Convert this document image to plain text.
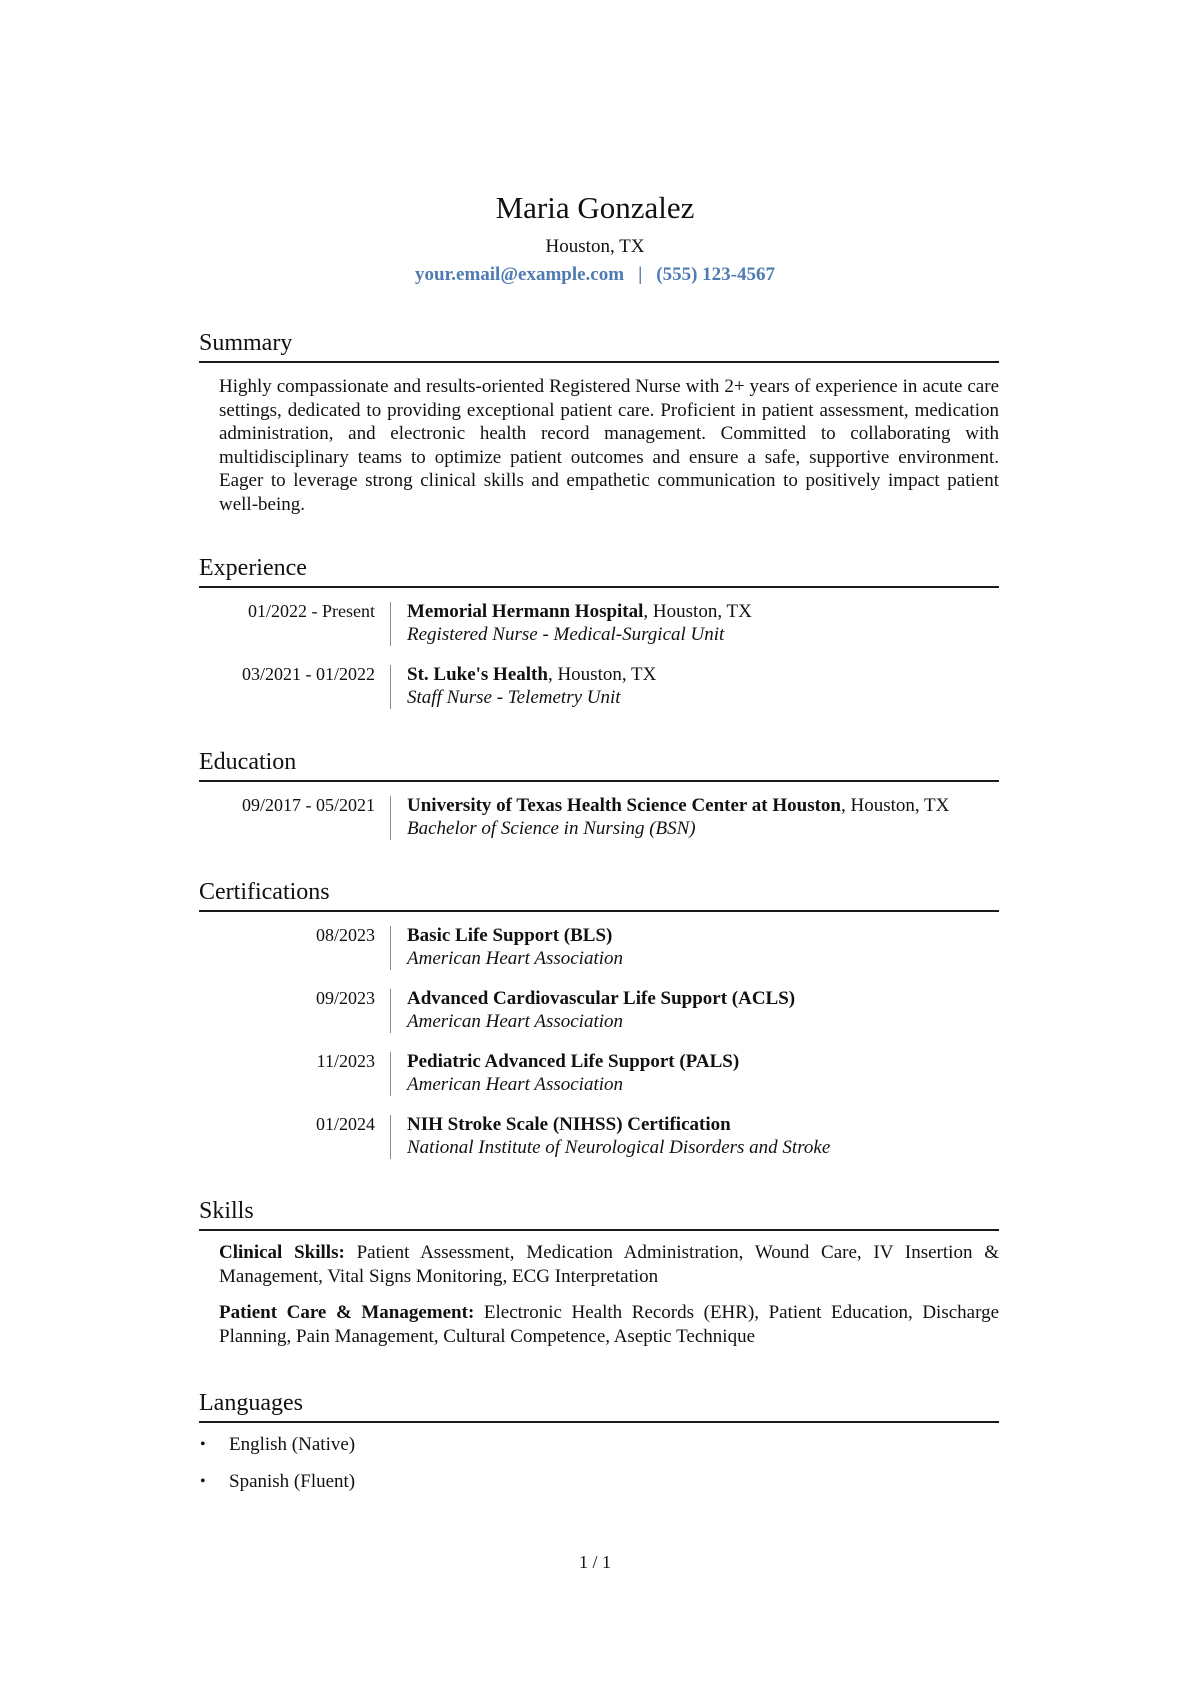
Maria Gonzalez
Houston, TX
your.email@example.com | (555) 123-4567
Summary
Highly compassionate and results-oriented Registered Nurse with 2+ years of experience in acute care settings, dedicated to providing exceptional patient care. Proficient in patient assessment, medication administration, and electronic health record management. Committed to collaborating with multidisciplinary teams to optimize patient outcomes and ensure a safe, supportive environment. Eager to leverage strong clinical skills and empathetic communication to positively impact patient well-being.
Experience
01/2022 - Present Memorial Hermann Hospital, Houston, TX
Registered Nurse - Medical-Surgical Unit
03/2021 - 01/2022 St. Luke's Health, Houston, TX
Staff Nurse - Telemetry Unit
Education
09/2017 - 05/2021 University of Texas Health Science Center at Houston, Houston, TX
Bachelor of Science in Nursing (BSN)
Certifications
08/2023 Basic Life Support (BLS)
American Heart Association
09/2023 Advanced Cardiovascular Life Support (ACLS)
American Heart Association
11/2023 Pediatric Advanced Life Support (PALS)
American Heart Association
01/2024 NIH Stroke Scale (NIHSS) Certification
National Institute of Neurological Disorders and Stroke
Skills
Clinical Skills: Patient Assessment, Medication Administration, Wound Care, IV Insertion & Management, Vital Signs Monitoring, ECG Interpretation
Patient Care & Management: Electronic Health Records (EHR), Patient Education, Discharge Planning, Pain Management, Cultural Competence, Aseptic Technique
Languages
• English (Native)
• Spanish (Fluent)
1 / 1
